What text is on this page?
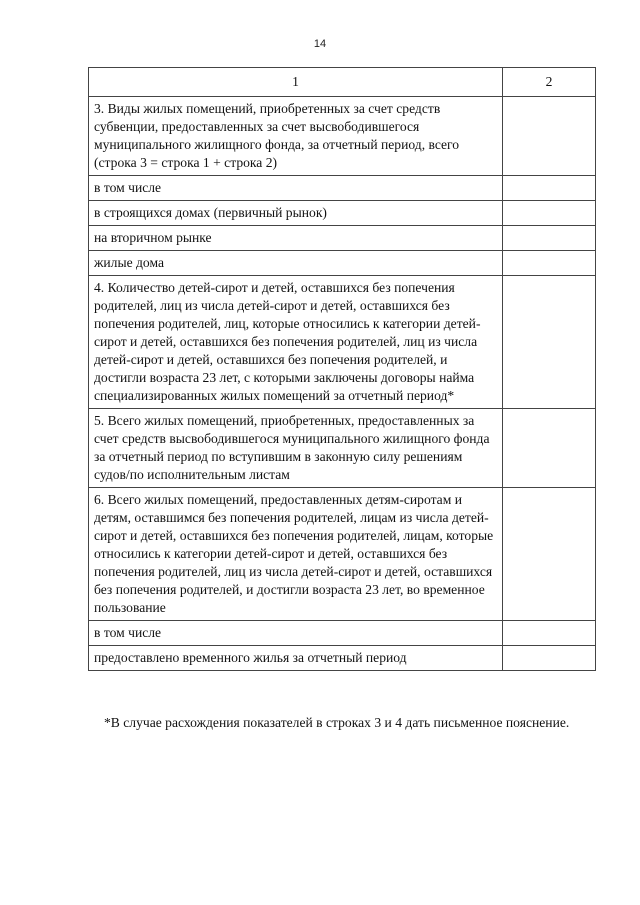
14
1	2
3. Виды жилых помещений, приобретенных за счет средств субвенции, предоставленных за счет высвободившегося муниципального жилищного фонда, за отчетный период, всего (строка 3 = строка 1 + строка 2)	
в том числе	
в строящихся домах (первичный рынок)	
на вторичном рынке	
жилые дома	
4. Количество детей-сирот и детей, оставшихся без попечения родителей, лиц из числа детей-сирот и детей, оставшихся без попечения родителей, лиц, которые относились к категории детей-сирот и детей, оставшихся без попечения родителей, лиц из числа детей-сирот и детей, оставшихся без попечения родителей, и достигли возраста 23 лет, с которыми заключены договоры найма специализированных жилых помещений за отчетный период*	
5. Всего жилых помещений, приобретенных, предоставленных за счет средств высвободившегося муниципального жилищного фонда за отчетный период по вступившим в законную силу решениям судов/по исполнительным листам	
6. Всего жилых помещений, предоставленных детям-сиротам и детям, оставшимся без попечения родителей, лицам из числа детей-сирот и детей, оставшихся без попечения родителей, лицам, которые относились к категории детей-сирот и детей, оставшихся без попечения родителей, лиц из числа детей-сирот и детей, оставшихся без попечения родителей, и достигли возраста 23 лет, во временное пользование	
в том числе	
предоставлено временного жилья за отчетный период	
*В случае расхождения показателей в строках 3 и 4 дать письменное пояснение.
